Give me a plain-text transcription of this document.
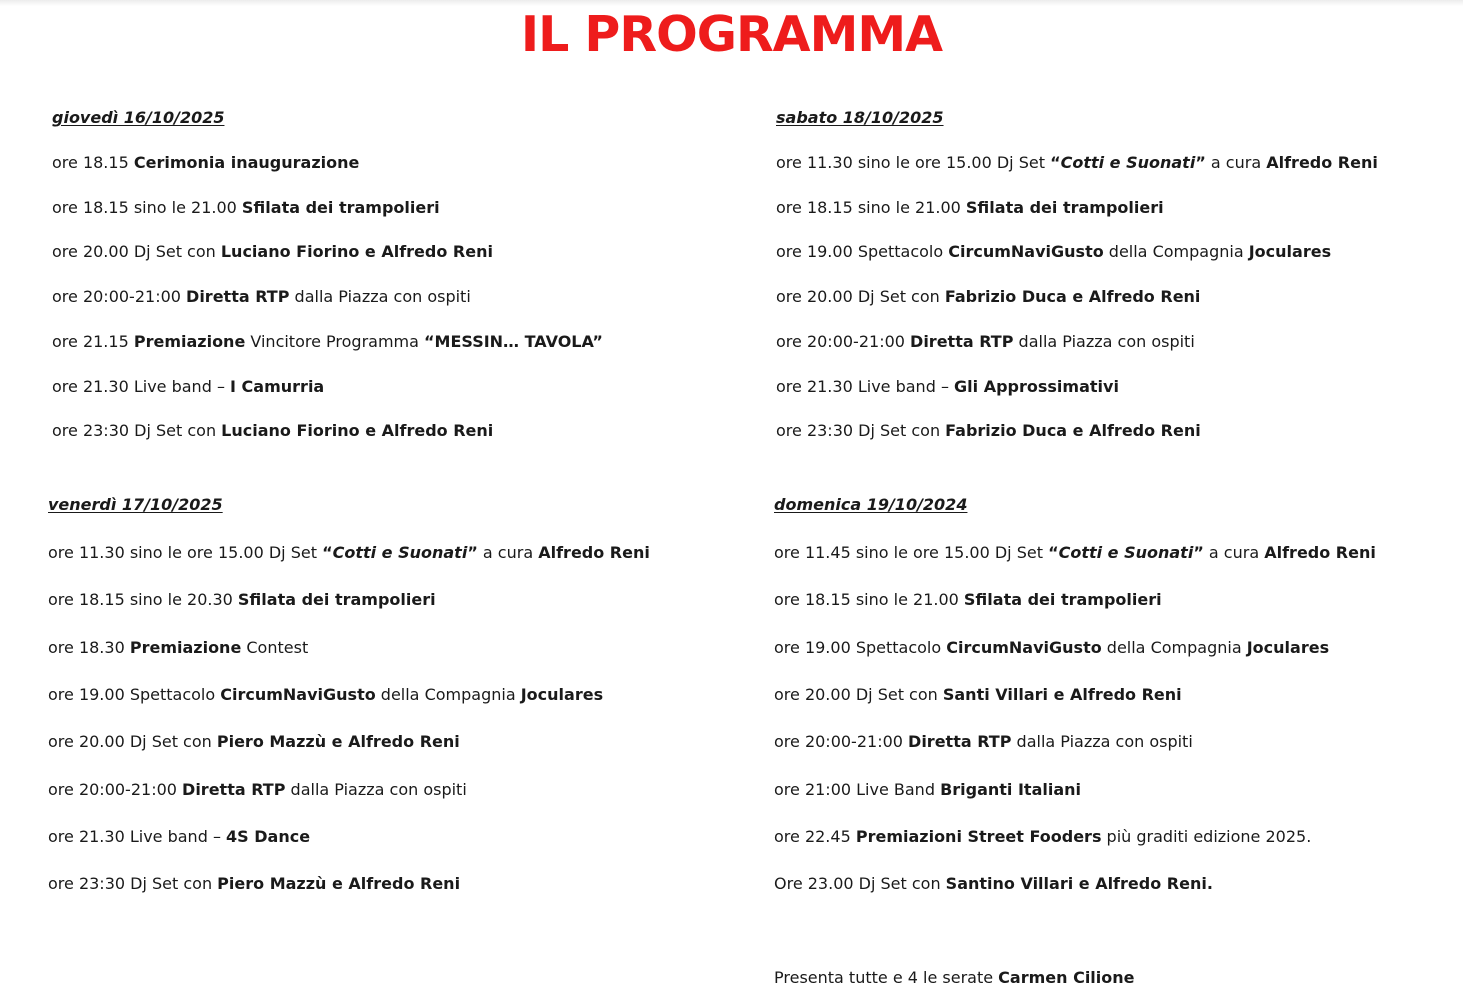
IL PROGRAMMA
giovedì 16/10/2025
ore 18.15 Cerimonia inaugurazione
ore 18.15 sino le 21.00 Sfilata dei trampolieri
ore 20.00 Dj Set con Luciano Fiorino e Alfredo Reni
ore 20:00-21:00 Diretta RTP dalla Piazza con ospiti
ore 21.15 Premiazione Vincitore Programma “MESSIN… TAVOLA”
ore 21.30 Live band – I Camurria
ore 23:30 Dj Set con Luciano Fiorino e Alfredo Reni
sabato 18/10/2025
ore 11.30 sino le ore 15.00 Dj Set “Cotti e Suonati” a cura Alfredo Reni
ore 18.15 sino le 21.00 Sfilata dei trampolieri
ore 19.00 Spettacolo CircumNaviGusto della Compagnia Joculares
ore 20.00 Dj Set con Fabrizio Duca e Alfredo Reni
ore 20:00-21:00 Diretta RTP dalla Piazza con ospiti
ore 21.30 Live band – Gli Approssimativi
ore 23:30 Dj Set con Fabrizio Duca e Alfredo Reni
venerdì 17/10/2025
ore 11.30 sino le ore 15.00 Dj Set “Cotti e Suonati” a cura Alfredo Reni
ore 18.15 sino le 20.30 Sfilata dei trampolieri
ore 18.30 Premiazione Contest
ore 19.00 Spettacolo CircumNaviGusto della Compagnia Joculares
ore 20.00 Dj Set con Piero Mazzù e Alfredo Reni
ore 20:00-21:00 Diretta RTP dalla Piazza con ospiti
ore 21.30 Live band – 4S Dance
ore 23:30 Dj Set con Piero Mazzù e Alfredo Reni
domenica 19/10/2024
ore 11.45 sino le ore 15.00 Dj Set “Cotti e Suonati” a cura Alfredo Reni
ore 18.15 sino le 21.00 Sfilata dei trampolieri
ore 19.00 Spettacolo CircumNaviGusto della Compagnia Joculares
ore 20.00 Dj Set con Santi Villari e Alfredo Reni
ore 20:00-21:00 Diretta RTP dalla Piazza con ospiti
ore 21:00 Live Band Briganti Italiani
ore 22.45 Premiazioni Street Fooders più graditi edizione 2025.
Ore 23.00 Dj Set con Santino Villari e Alfredo Reni.
Presenta tutte e 4 le serate Carmen Cilione
